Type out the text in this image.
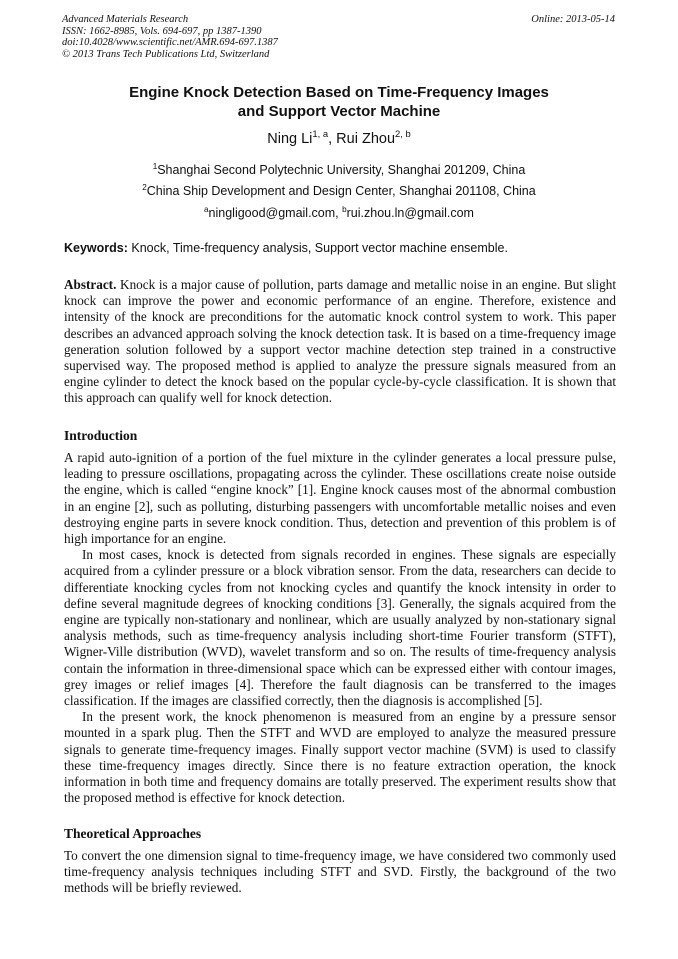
Advanced Materials Research
ISSN: 1662-8985, Vols. 694-697, pp 1387-1390
doi:10.4028/www.scientific.net/AMR.694-697.1387
© 2013 Trans Tech Publications Ltd, Switzerland
Online: 2013-05-14
Engine Knock Detection Based on Time-Frequency Images
and Support Vector Machine
Ning Li$^{1, a}$, Rui Zhou$^{2, b}$
$^1$Shanghai Second Polytechnic University, Shanghai 201209, China
$^2$China Ship Development and Design Center, Shanghai 201108, China
$^a$ningligood@gmail.com, $^b$rui.zhou.ln@gmail.com
Keywords: Knock, Time-frequency analysis, Support vector machine ensemble.

Abstract. Knock is a major cause of pollution, parts damage and metallic noise in an engine. But slight knock can improve the power and economic performance of an engine. Therefore, existence and intensity of the knock are preconditions for the automatic knock control system to work. This paper describes an advanced approach solving the knock detection task. It is based on a time-frequency image generation solution followed by a support vector machine detection step trained in a constructive supervised way. The proposed method is applied to analyze the pressure signals measured from an engine cylinder to detect the knock based on the popular cycle-by-cycle classification. It is shown that this approach can qualify well for knock detection.

Introduction

A rapid auto-ignition of a portion of the fuel mixture in the cylinder generates a local pressure pulse, leading to pressure oscillations, propagating across the cylinder. These oscillations create noise outside the engine, which is called “engine knock” [1]. Engine knock causes most of the abnormal combustion in an engine [2], such as polluting, disturbing passengers with uncomfortable metallic noises and even destroying engine parts in severe knock condition. Thus, detection and prevention of this problem is of high importance for an engine.

In most cases, knock is detected from signals recorded in engines. These signals are especially acquired from a cylinder pressure or a block vibration sensor. From the data, researchers can decide to differentiate knocking cycles from not knocking cycles and quantify the knock intensity in order to define several magnitude degrees of knocking conditions [3]. Generally, the signals acquired from the engine are typically non-stationary and nonlinear, which are usually analyzed by non-stationary signal analysis methods, such as time-frequency analysis including short-time Fourier transform (STFT), Wigner-Ville distribution (WVD), wavelet transform and so on. The results of time-frequency analysis contain the information in three-dimensional space which can be expressed either with contour images, grey images or relief images [4]. Therefore the fault diagnosis can be transferred to the images classification. If the images are classified correctly, then the diagnosis is accomplished [5].

In the present work, the knock phenomenon is measured from an engine by a pressure sensor mounted in a spark plug. Then the STFT and WVD are employed to analyze the measured pressure signals to generate time-frequency images. Finally support vector machine (SVM) is used to classify these time-frequency images directly. Since there is no feature extraction operation, the knock information in both time and frequency domains are totally preserved. The experiment results show that the proposed method is effective for knock detection.

Theoretical Approaches

To convert the one dimension signal to time-frequency image, we have considered two commonly used time-frequency analysis techniques including STFT and SVD. Firstly, the background of the two methods will be briefly reviewed.
